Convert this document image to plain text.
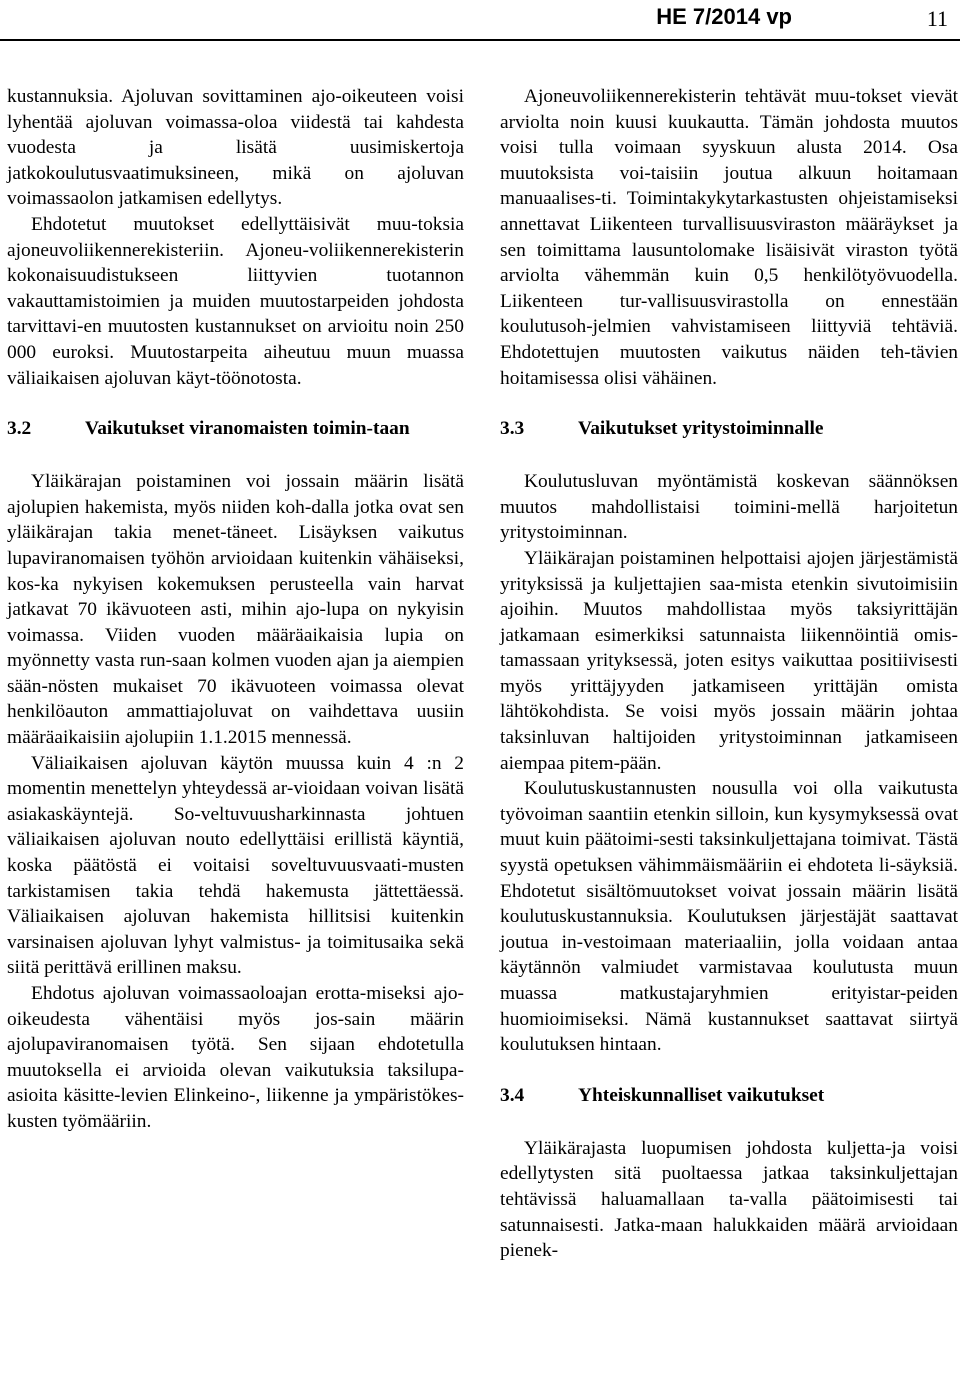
HE 7/2014 vp	11

kustannuksia. Ajoluvan sovittaminen ajo-oikeuteen voisi lyhentää ajoluvan voimassa-oloa viidestä tai kahdesta vuodesta ja lisätä uusimiskertoja jatkokoulutusvaatimuksineen, mikä on ajoluvan voimassaolon jatkamisen edellytys.

Ehdotetut muutokset edellyttäisivät muu-toksia ajoneuvoliikennerekisteriin. Ajoneu-voliikennerekisterin kokonaisuudistukseen liittyvien tuotannon vakauttamistoimien ja muiden muutostarpeiden johdosta tarvittavi-en muutosten kustannukset on arvioitu noin 250 000 euroksi. Muutostarpeita aiheutuu muun muassa väliaikaisen ajoluvan käyt-töönotosta.

3.2	Vaikutukset viranomaisten toimin-taan

Yläikärajan poistaminen voi jossain määrin lisätä ajolupien hakemista, myös niiden koh-dalla jotka ovat sen yläikärajan takia menet-täneet. Lisäyksen vaikutus lupaviranomaisen työhön arvioidaan kuitenkin vähäiseksi, kos-ka nykyisen kokemuksen perusteella vain harvat jatkavat 70 ikävuoteen asti, mihin ajo-lupa on nykyisin voimassa. Viiden vuoden määräaikaisia lupia on myönnetty vasta run-saan kolmen vuoden ajan ja aiempien sään-nösten mukaiset 70 ikävuoteen voimassa olevat henkilöauton ammattiajoluvat on vaihdettava uusiin määräaikaisiin ajolupiin 1.1.2015 mennessä.

Väliaikaisen ajoluvan käytön muussa kuin 4 :n 2 momentin menettelyn yhteydessä ar-vioidaan voivan lisätä asiakaskäyntejä. So-veltuvuusharkinnasta johtuen väliaikaisen ajoluvan nouto edellyttäisi erillistä käyntiä, koska päätöstä ei voitaisi soveltuvuusvaati-musten tarkistamisen takia tehdä hakemusta jättettäessä. Väliaikaisen ajoluvan hakemista hillitsisi kuitenkin varsinaisen ajoluvan lyhyt valmistus- ja toimitusaika sekä siitä perittävä erillinen maksu.

Ehdotus ajoluvan voimassaoloajan erotta-miseksi ajo-oikeudesta vähentäisi myös jos-sain määrin ajolupaviranomaisen työtä. Sen sijaan ehdotetulla muutoksella ei arvioida olevan vaikutuksia taksilupa-asioita käsitte-levien Elinkeino-, liikenne ja ympäristökes-kusten työmääriin.

Ajoneuvoliikennerekisterin tehtävät muu-tokset vievät arviolta noin kuusi kuukautta. Tämän johdosta muutos voisi tulla voimaan syyskuun alusta 2014. Osa muutoksista voi-taisiin joutua alkuun hoitamaan manuaalises-ti. Toimintakykytarkastusten ohjeistamiseksi annettavat Liikenteen turvallisuusviraston määräykset ja sen toimittama lausuntolomake lisäisivät viraston työtä arviolta vähemmän kuin 0,5 henkilötyövuodella. Liikenteen tur-vallisuusvirastolla on ennestään koulutusoh-jelmien vahvistamiseen liittyviä tehtäviä. Ehdotettujen muutosten vaikutus näiden teh-tävien hoitamisessa olisi vähäinen.

3.3	Vaikutukset yritystoiminnalle

Koulutusluvan myöntämistä koskevan säännöksen muutos mahdollistaisi toimini-mellä harjoitetun yritystoiminnan.

Yläikärajan poistaminen helpottaisi ajojen järjestämistä yrityksissä ja kuljettajien saa-mista etenkin sivutoimisiin ajoihin. Muutos mahdollistaa myös taksiyrittäjän jatkamaan esimerkiksi satunnaista liikennöintiä omis-tamassaan yrityksessä, joten esitys vaikuttaa positiivisesti myös yrittäjyyden jatkamiseen yrittäjän omista lähtökohdista. Se voisi myös jossain määrin johtaa taksinluvan haltijoiden yritystoiminnan jatkamiseen aiempaa pitem-pään.

Koulutuskustannusten nousulla voi olla vaikutusta työvoiman saantiin etenkin silloin, kun kysymyksessä ovat muut kuin päätoimi-sesti taksinkuljettajana toimivat. Tästä syystä opetuksen vähimmäismääriin ei ehdoteta li-säyksiä. Ehdotetut sisältömuutokset voivat jossain määrin lisätä koulutuskustannuksia. Koulutuksen järjestäjät saattavat joutua in-vestoimaan materiaaliin, jolla voidaan antaa käytännön valmiudet varmistavaa koulutusta muun muassa matkustajaryhmien erityistar-peiden huomioimiseksi. Nämä kustannukset saattavat siirtyä koulutuksen hintaan.

3.4	Yhteiskunnalliset vaikutukset

Yläikärajasta luopumisen johdosta kuljetta-ja voisi edellytysten sitä puoltaessa jatkaa taksinkuljettajan tehtävissä haluamallaan ta-valla päätoimisesti tai satunnaisesti. Jatka-maan halukkaiden määrä arvioidaan pienek-
